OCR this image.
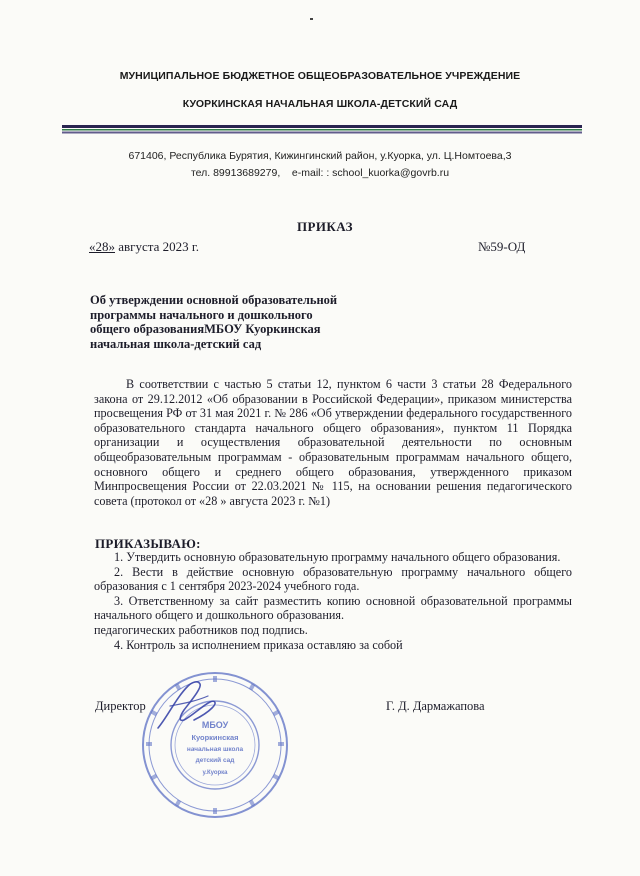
МУНИЦИПАЛЬНОЕ БЮДЖЕТНОЕ ОБЩЕОБРАЗОВАТЕЛЬНОЕ УЧРЕЖДЕНИЕ
КУОРКИНСКАЯ НАЧАЛЬНАЯ ШКОЛА-ДЕТСКИЙ САД
671406, Республика Бурятия, Кижингинский район, у.Куорка, ул. Ц.Номтоева,3
тел. 89913689279, e-mail: : school_kuorka@govrb.ru
ПРИКАЗ
«28» августа 2023 г.	№59-ОД
Об утверждении основной образовательной
программы начального и дошкольного
общего образованияМБОУ Куоркинская
начальная школа-детский сад

В соответствии с частью 5 статьи 12, пунктом 6 части 3 статьи 28 Федерального закона от 29.12.2012 «Об образовании в Российской Федерации», приказом министерства просвещения РФ от 31 мая 2021 г. № 286 «Об утверждении федерального государственного образовательного стандарта начального общего образования», пунктом 11 Порядка организации и осуществления образовательной деятельности по основным общеобразовательным программам - образовательным программам начального общего, основного общего и среднего общего образования, утвержденного приказом Минпросвещения России от 22.03.2021 № 115, на основании решения педагогического совета (протокол от «28 » августа 2023 г. №1)

ПРИКАЗЫВАЮ:

1. Утвердить основную образовательную программу начального общего образования.

2. Вести в действие основную образовательную программу начального общего образования с 1 сентября 2023-2024 учебного года.

3. Ответственному за сайт разместить копию основной образовательной программы начального общего и дошкольного образования.

педагогических работников под подпись.

4. Контроль за исполнением приказа оставляю за собой

Директор	Г. Д. Дармажапова
МБОУ
Куоркинская
начальная школа
детский сад
у.Куорка
